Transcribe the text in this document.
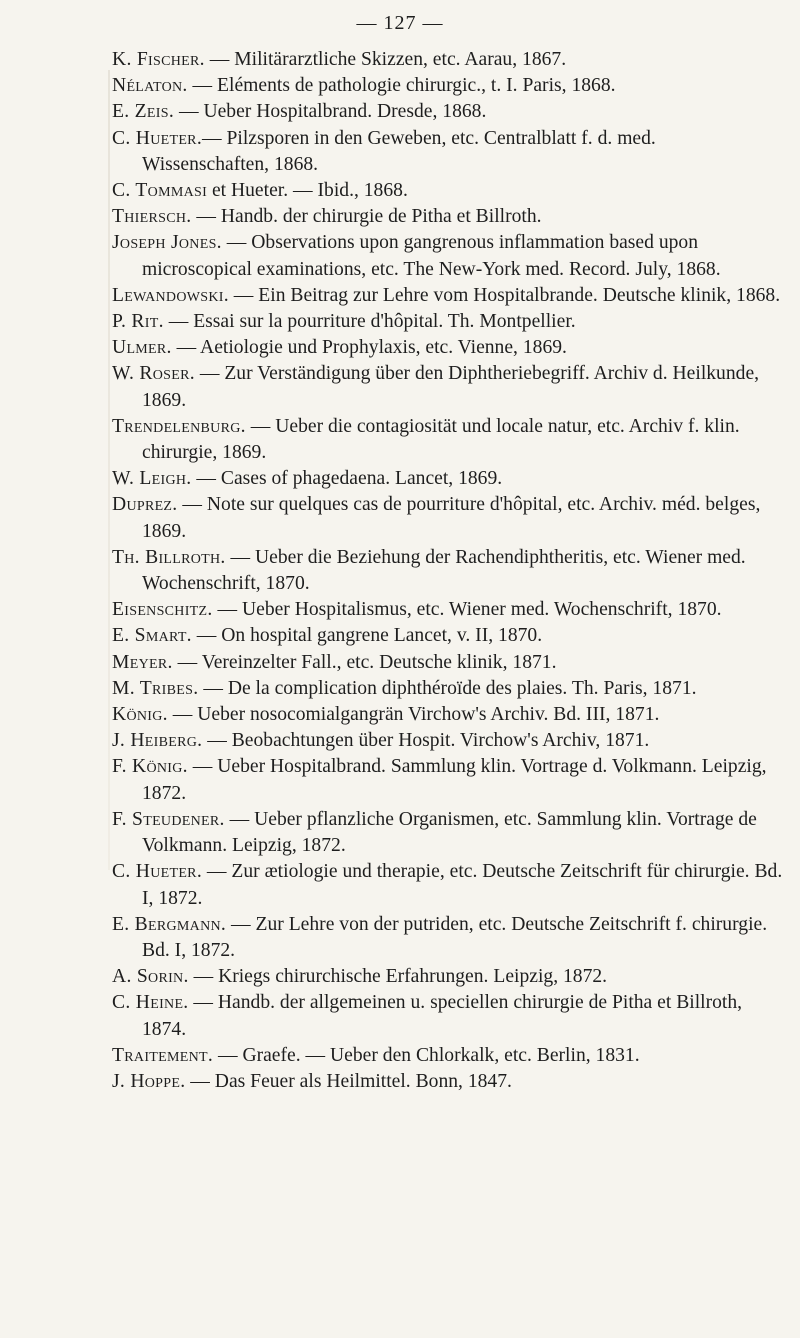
— 127 —
K. Fischer. — Militärarztliche Skizzen, etc. Aarau, 1867.
Nélaton. — Eléments de pathologie chirurgic., t. I. Paris, 1868.
E. Zeis. — Ueber Hospitalbrand. Dresde, 1868.
C. Hueter.— Pilzsporen in den Geweben, etc. Centralblatt f. d. med. Wissenschaften, 1868.
C. Tommasi et Hueter. — Ibid., 1868.
Thiersch. — Handb. der chirurgie de Pitha et Billroth.
Joseph Jones. — Observations upon gangrenous inflammation based upon microscopical examinations, etc. The New-York med. Record. July, 1868.
Lewandowski. — Ein Beitrag zur Lehre vom Hospitalbrande. Deutsche klinik, 1868.
P. Rit. — Essai sur la pourriture d'hôpital. Th. Montpellier.
Ulmer. — Aetiologie und Prophylaxis, etc. Vienne, 1869.
W. Roser. — Zur Verständigung über den Diphtheriebegriff. Archiv d. Heilkunde, 1869.
Trendelenburg. — Ueber die contagiosität und locale natur, etc. Archiv f. klin. chirurgie, 1869.
W. Leigh. — Cases of phagedaena. Lancet, 1869.
Duprez. — Note sur quelques cas de pourriture d'hôpital, etc. Archiv. méd. belges, 1869.
Th. Billroth. — Ueber die Beziehung der Rachendiphtheritis, etc. Wiener med. Wochenschrift, 1870.
Eisenschitz. — Ueber Hospitalismus, etc. Wiener med. Wochenschrift, 1870.
E. Smart. — On hospital gangrene Lancet, v. II, 1870.
Meyer. — Vereinzelter Fall., etc. Deutsche klinik, 1871.
M. Tribes. — De la complication diphthéroïde des plaies. Th. Paris, 1871.
König. — Ueber nosocomialgangrän Virchow's Archiv. Bd. III, 1871.
J. Heiberg. — Beobachtungen über Hospit. Virchow's Archiv, 1871.
F. König. — Ueber Hospitalbrand. Sammlung klin. Vortrage d. Volkmann. Leipzig, 1872.
F. Steudener. — Ueber pflanzliche Organismen, etc. Sammlung klin. Vortrage de Volkmann. Leipzig, 1872.
C. Hueter. — Zur ætiologie und therapie, etc. Deutsche Zeitschrift für chirurgie. Bd. I, 1872.
E. Bergmann. — Zur Lehre von der putriden, etc. Deutsche Zeitschrift f. chirurgie. Bd. I, 1872.
A. Sorin. — Kriegs chirurchische Erfahrungen. Leipzig, 1872.
C. Heine. — Handb. der allgemeinen u. speciellen chirurgie de Pitha et Billroth, 1874.
Traitement. — Graefe. — Ueber den Chlorkalk, etc. Berlin, 1831.
J. Hoppe. — Das Feuer als Heilmittel. Bonn, 1847.
